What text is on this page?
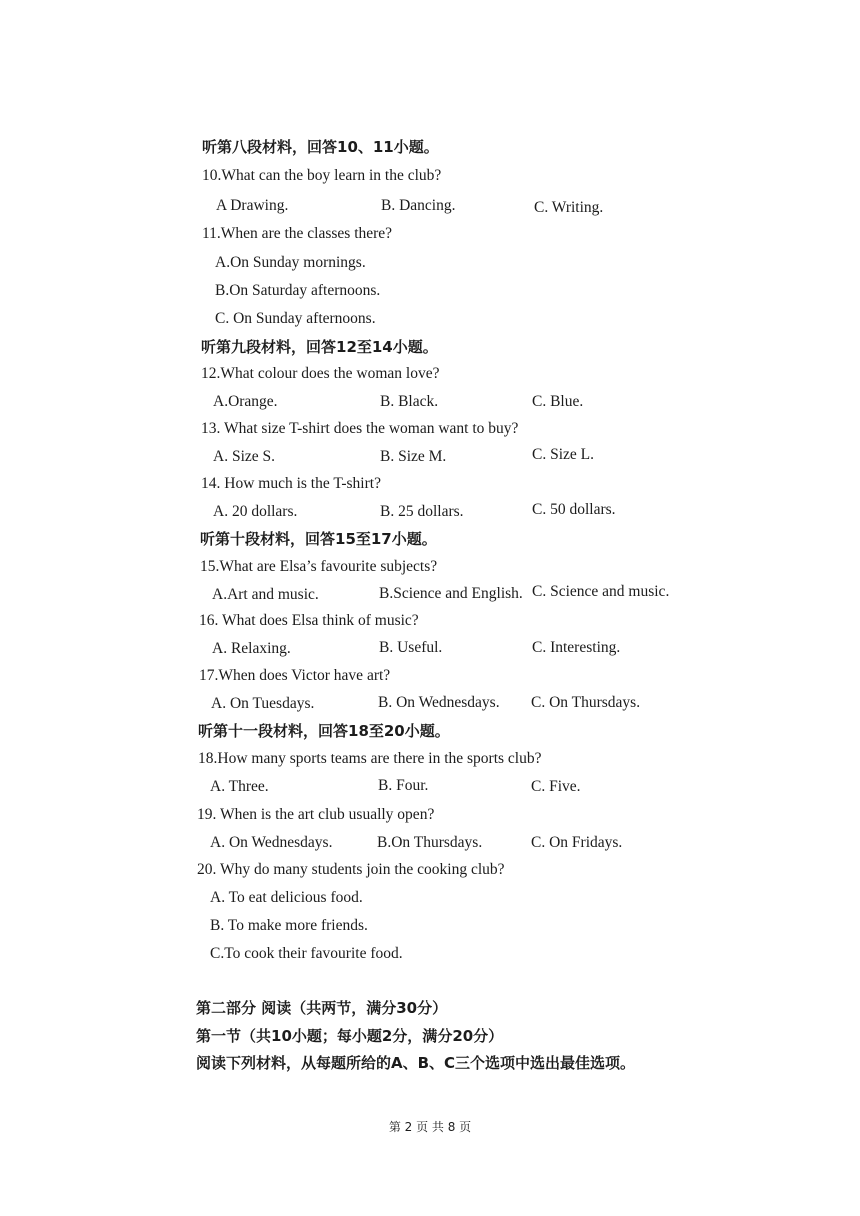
听第八段材料，回答10、11小题。
10.What can the boy learn in the club?
A Drawing.	B. Dancing.	C. Writing.
11.When are the classes there?
A.On Sunday mornings.
B.On Saturday afternoons.
C. On Sunday afternoons.
听第九段材料，回答12至14小题。
12.What colour does the woman love?
A.Orange.	B. Black.	C. Blue.
13. What size T-shirt does the woman want to buy?
A. Size S.	B. Size M.	C. Size L.
14. How much is the T-shirt?
A. 20 dollars.	B. 25 dollars.	C. 50 dollars.
听第十段材料，回答15至17小题。
15.What are Elsa’s favourite subjects?
A.Art and music.	B.Science and English. C. Science and music.
16. What does Elsa think of music?
A. Relaxing.	B. Useful.	C. Interesting.
17.When does Victor have art?
A. On Tuesdays.	B. On Wednesdays. C. On Thursdays.
听第十一段材料，回答18至20小题。
18.How many sports teams are there in the sports club?
A. Three.	B. Four.	C. Five.
19. When is the art club usually open?
A. On Wednesdays.	B.On Thursdays.	C. On Fridays.
20. Why do many students join the cooking club?
A. To eat delicious food.
B. To make more friends.
C.To cook their favourite food.
第二部分 阅读（共两节，满分30分）
第一节（共10小题；每小题2分，满分20分）
阅读下列材料，从每题所给的A、B、C三个选项中选出最佳选项。
第 2 页 共 8 页
